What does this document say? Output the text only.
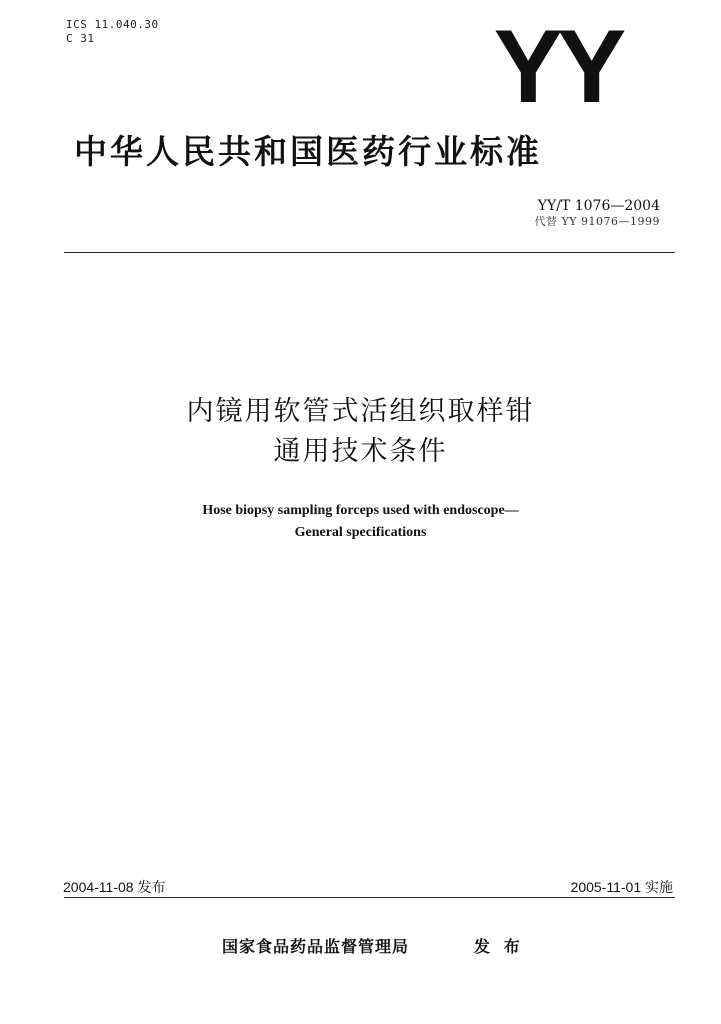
ICS 11.040.30
C 31	YY
中华人民共和国医药行业标准
YY/T 1076—2004
代替 YY 91076—1999
内镜用软管式活组织取样钳
通用技术条件
Hose biopsy sampling forceps used with endoscope—
General specifications
2004-11-08 发布	2005-11-01 实施
国家食品药品监督管理局	发 布
